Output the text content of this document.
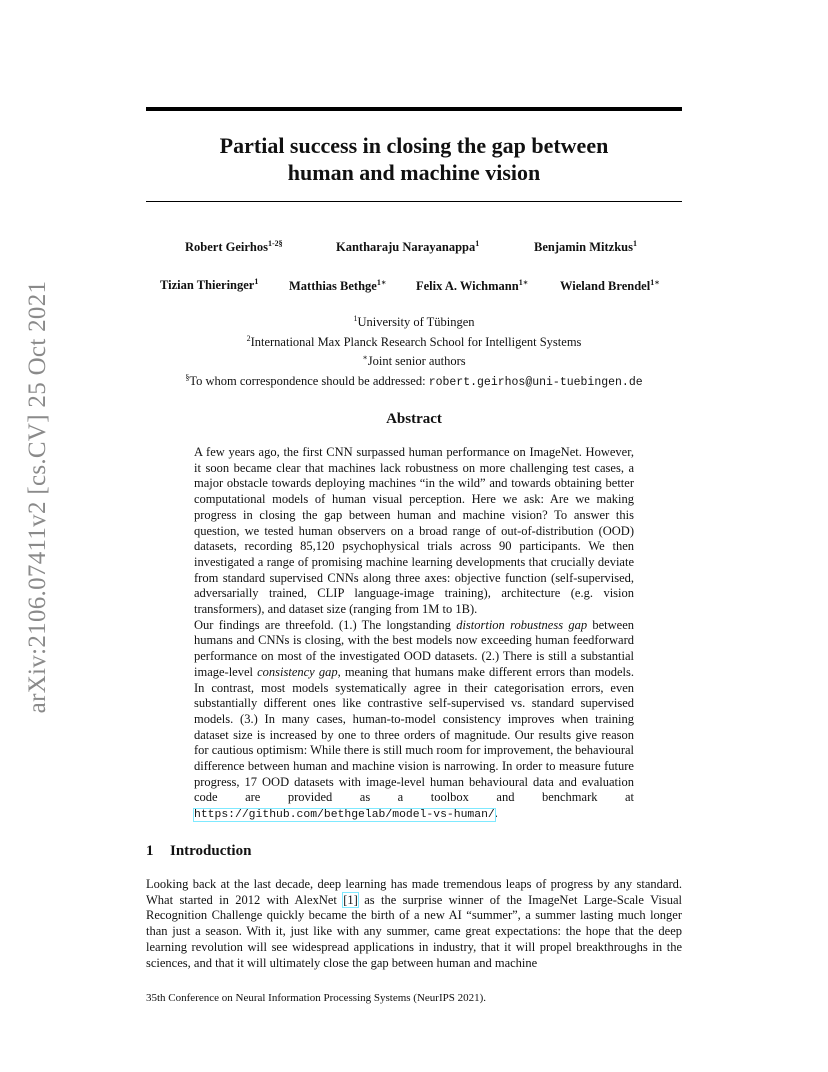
arXiv:2106.07411v2 [cs.CV] 25 Oct 2021
Partial success in closing the gap between
human and machine vision
Robert Geirhos$^{1-2\S}$	Kantharaju Narayanappa$^1$	Benjamin Mitzkus$^1$
Tizian Thieringer$^1$ Matthias Bethge$^{1∗}$ Felix A. Wichmann$^{1∗}$	Wieland Brendel$^{1∗}$
$^1$University of Tübingen
$^2$International Max Planck Research School for Intelligent Systems
∗Joint senior authors
§To whom correspondence should be addressed: robert.geirhos@uni-tuebingen.de
Abstract

A few years ago, the first CNN surpassed human performance on ImageNet. However, it soon became clear that machines lack robustness on more challenging test cases, a major obstacle towards deploying machines “in the wild” and towards obtaining better computational models of human visual perception. Here we ask: Are we making progress in closing the gap between human and machine vision? To answer this question, we tested human observers on a broad range of out-of-distribution (OOD) datasets, recording 85,120 psychophysical trials across 90 participants. We then investigated a range of promising machine learning developments that crucially deviate from standard supervised CNNs along three axes: objective function (self-supervised, adversarially trained, CLIP language-image training), architecture (e.g. vision transformers), and dataset size (ranging from 1M to 1B).

Our findings are threefold. (1.) The longstanding distortion robustness gap between humans and CNNs is closing, with the best models now exceeding human feedforward performance on most of the investigated OOD datasets. (2.) There is still a substantial image-level consistency gap, meaning that humans make different errors than models. In contrast, most models systematically agree in their categorisation errors, even substantially different ones like contrastive self-supervised vs. standard supervised models. (3.) In many cases, human-to-model consistency improves when training dataset size is increased by one to three orders of magnitude. Our results give reason for cautious optimism: While there is still much room for improvement, the behavioural difference between human and machine vision is narrowing. In order to measure future progress, 17 OOD datasets with image-level human behavioural data and evaluation code are provided as a toolbox and benchmark at https://github.com/bethgelab/model-vs-human/.

1 Introduction

Looking back at the last decade, deep learning has made tremendous leaps of progress by any standard. What started in 2012 with AlexNet [1] as the surprise winner of the ImageNet Large-Scale Visual Recognition Challenge quickly became the birth of a new AI “summer”, a summer lasting much longer than just a season. With it, just like with any summer, came great expectations: the hope that the deep learning revolution will see widespread applications in industry, that it will propel breakthroughs in the sciences, and that it will ultimately close the gap between human and machine

35th Conference on Neural Information Processing Systems (NeurIPS 2021).
